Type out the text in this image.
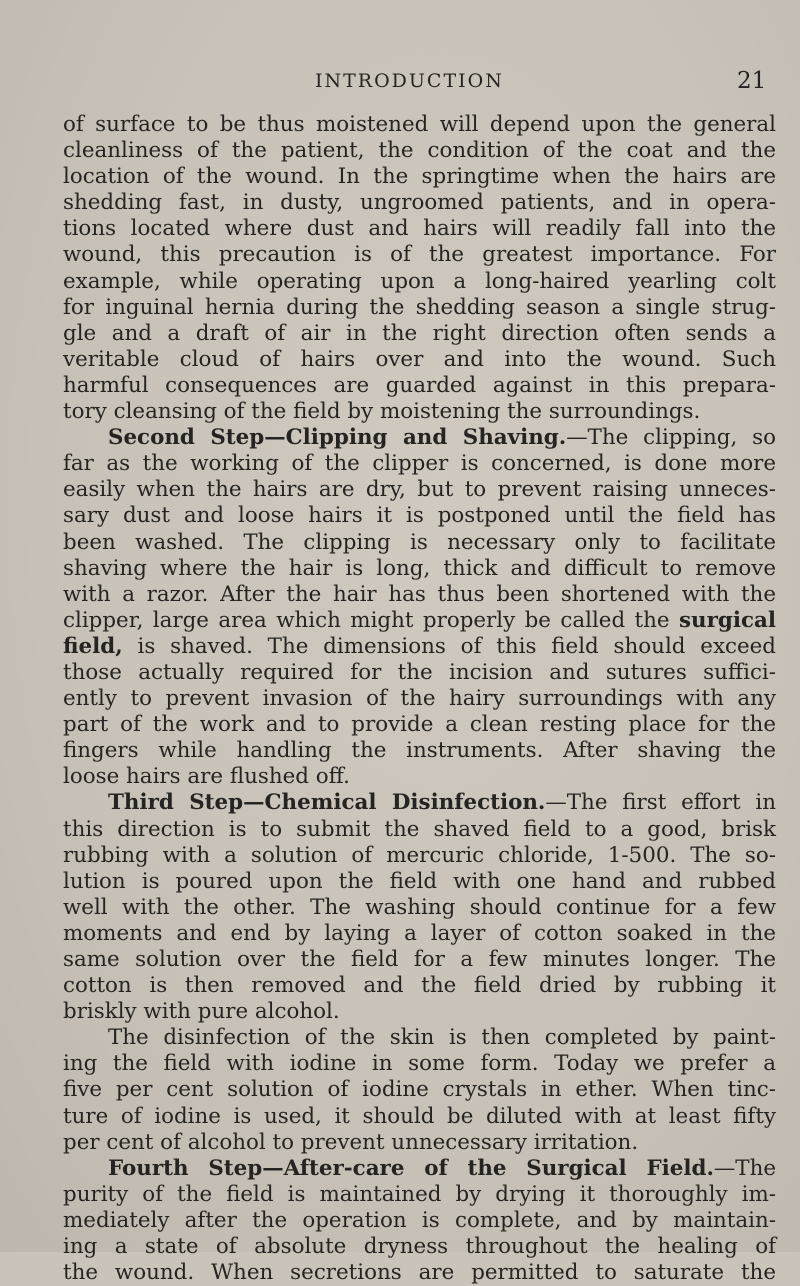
INTRODUCTION	21
of surface to be thus moistened will depend upon the general
cleanliness of the patient, the condition of the coat and the
location of the wound. In the springtime when the hairs are
shedding fast, in dusty, ungroomed patients, and in opera-
tions located where dust and hairs will readily fall into the
wound, this precaution is of the greatest importance. For
example, while operating upon a long-haired yearling colt
for inguinal hernia during the shedding season a single strug-
gle and a draft of air in the right direction often sends a
veritable cloud of hairs over and into the wound. Such
harmful consequences are guarded against in this prepara-
tory cleansing of the field by moistening the surroundings.
Second Step—Clipping and Shaving.—The clipping, so
far as the working of the clipper is concerned, is done more
easily when the hairs are dry, but to prevent raising unneces-
sary dust and loose hairs it is postponed until the field has
been washed. The clipping is necessary only to facilitate
shaving where the hair is long, thick and difficult to remove
with a razor. After the hair has thus been shortened with the
clipper, large area which might properly be called the surgical
field, is shaved. The dimensions of this field should exceed
those actually required for the incision and sutures suffici-
ently to prevent invasion of the hairy surroundings with any
part of the work and to provide a clean resting place for the
fingers while handling the instruments. After shaving the
loose hairs are flushed off.
Third Step—Chemical Disinfection.—The first effort in
this direction is to submit the shaved field to a good, brisk
rubbing with a solution of mercuric chloride, 1-500. The so-
lution is poured upon the field with one hand and rubbed
well with the other. The washing should continue for a few
moments and end by laying a layer of cotton soaked in the
same solution over the field for a few minutes longer. The
cotton is then removed and the field dried by rubbing it
briskly with pure alcohol.
The disinfection of the skin is then completed by paint-
ing the field with iodine in some form. Today we prefer a
five per cent solution of iodine crystals in ether. When tinc-
ture of iodine is used, it should be diluted with at least fifty
per cent of alcohol to prevent unnecessary irritation.
Fourth Step—After-care of the Surgical Field.—The
purity of the field is maintained by drying it thoroughly im-
mediately after the operation is complete, and by maintain-
ing a state of absolute dryness throughout the healing of
the wound. When secretions are permitted to saturate the
